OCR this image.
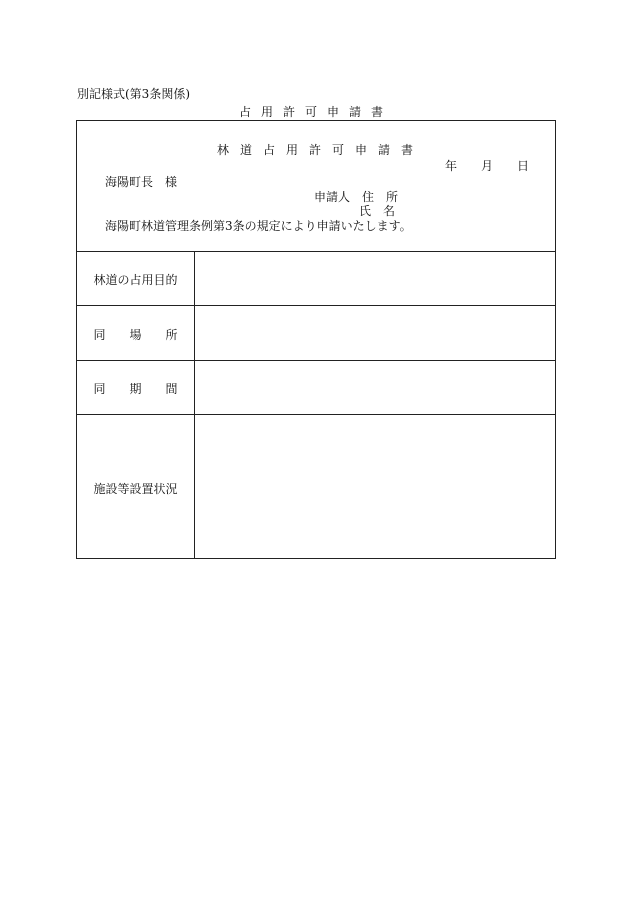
別記様式(第3条関係)
占用許可申請書
林道占用許可申請書
年 月 日
海陽町長　様
申請人　住　所
氏　名
海陽町林道管理条例第3条の規定により申請いたします。
林道の占用目的
同　　場　　所
同　　期　　間
施設等設置状況
